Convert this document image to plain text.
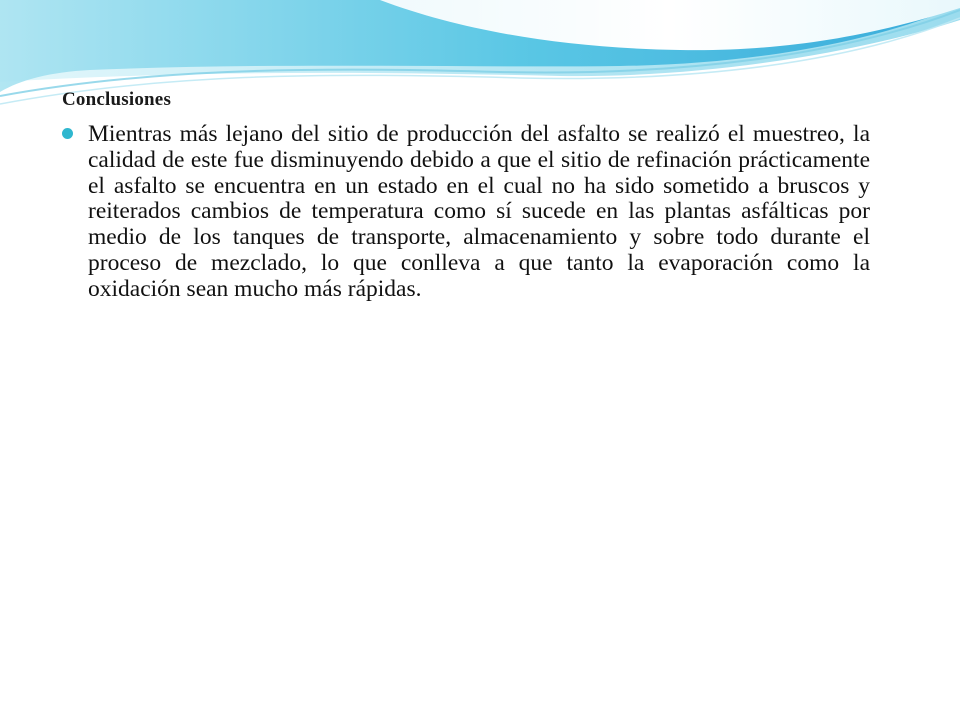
Conclusiones
Mientras más lejano del sitio de producción del asfalto se realizó el muestreo, la calidad de este fue disminuyendo debido a que el sitio de refinación prácticamente el asfalto se encuentra en un estado en el cual no ha sido sometido a bruscos y reiterados cambios de temperatura como sí sucede en las plantas asfálticas por medio de los tanques de transporte, almacenamiento y sobre todo durante el proceso de mezclado, lo que conlleva a que tanto la evaporación como la oxidación sean mucho más rápidas.
